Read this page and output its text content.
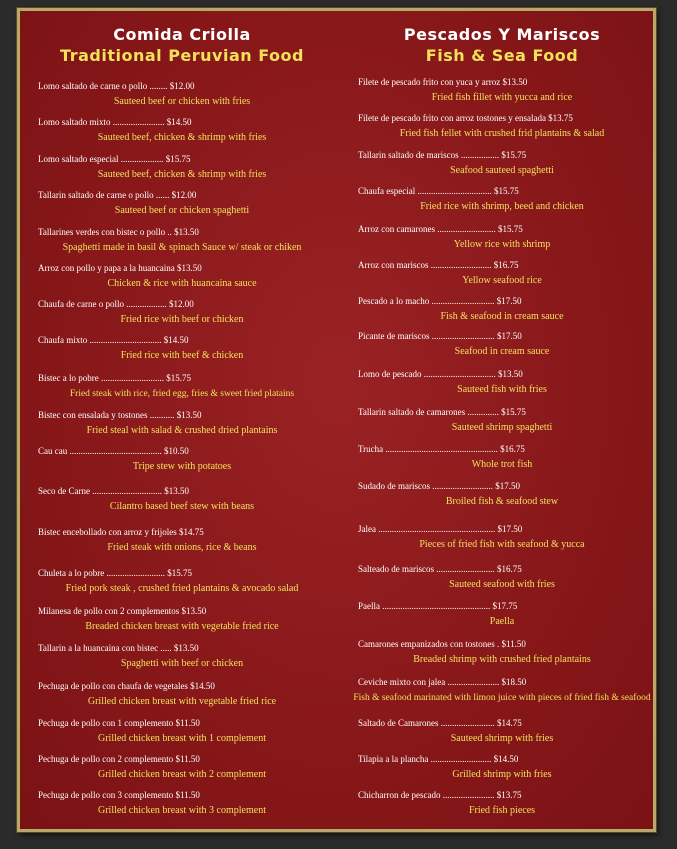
Comida Criolla
Traditional Peruvian Food
Lomo saltado de carne o pollo ........ $12.00
Sauteed beef or chicken with fries
Lomo saltado mixto ....................... $14.50
Sauteed beef, chicken & shrimp with fries
Lomo saltado especial ................... $15.75
Sauteed beef, chicken & shrimp with fries
Tallarin saltado de carne o pollo ...... $12.00
Sauteed beef or chicken spaghetti
Tallarines verdes con bistec o pollo .. $13.50
Spaghetti made in basil & spinach Sauce w/ steak or chiken
Arroz con pollo y papa a la huancaina $13.50
Chicken & rice with huancaina sauce
Chaufa de carne o pollo .................. $12.00
Fried rice with beef or chicken
Chaufa mixto ................................ $14.50
Fried rice with beef & chicken
Bistec a lo pobre ............................ $15.75
Fried steak with rice, fried egg, fries & sweet fried platains
Bistec con ensalada y tostones ........... $13.50
Fried steal with salad & crushed dried plantains
Cau cau ......................................... $10.50
Tripe stew with potatoes
Seco de Carne ............................... $13.50
Cilantro based beef stew with beans
Bistec encebollado con arroz y frijoles $14.75
Fried steak with onions, rice & beans
Chuleta a lo pobre .......................... $15.75
Fried pork steak , crushed fried plantains & avocado salad
Milanesa de pollo con 2 complementos $13.50
Breaded chicken breast with vegetable fried rice
Tallarin a la huancaina con bistec ..... $13.50
Spaghetti with beef or chicken
Pechuga de pollo con chaufa de vegetales $14.50
Grilled chicken breast with vegetable fried rice
Pechuga de pollo con 1 complemento $11.50
Grilled chicken breast with 1 complement
Pechuga de pollo con 2 complemento $11.50
Grilled chicken breast with 2 complement
Pechuga de pollo con 3 complemento $11.50
Grilled chicken breast with 3 complement
Pescados Y Mariscos
Fish & Sea Food
Filete de pescado frito con yuca y arroz $13.50
Fried fish fillet with yucca and rice
Filete de pescado frito con arroz tostones y ensalada $13.75
Fried fish fellet with crushed frid plantains & salad
Tallarin saltado de mariscos ................. $15.75
Seafood sauteed spaghetti
Chaufa especial ................................. $15.75
Fried rice with shrimp, beed and chicken
Arroz con camarones .......................... $15.75
Yellow rice with shrimp
Arroz con mariscos ........................... $16.75
Yellow seafood rice
Pescado a lo macho ............................ $17.50
Fish & seafood in cream sauce
Picante de mariscos ............................ $17.50
Seafood in cream sauce
Lomo de pescado ................................ $13.50
Sauteed fish with fries
Tallarin saltado de camarones .............. $15.75
Sauteed shrimp spaghetti
Trucha .................................................. $16.75
Whole trot fish
Sudado de mariscos ........................... $17.50
Broiled fish & seafood stew
Jalea .................................................... $17.50
Pieces of fried fish with seafood & yucca
Salteado de mariscos .......................... $16.75
Sauteed seafood with fries
Paella ................................................ $17.75
Paella
Camarones empanizados con tostones . $11.50
Breaded shrimp with crushed fried plantains
Ceviche mixto con jalea ....................... $18.50
Fish & seafood marinated with limon juice with pieces of fried fish & seafood
Saltado de Camarones ........................ $14.75
Sauteed shrimp with fries
Tilapia a la plancha ........................... $14.50
Grilled shrimp with fries
Chicharron de pescado ....................... $13.75
Fried fish pieces
